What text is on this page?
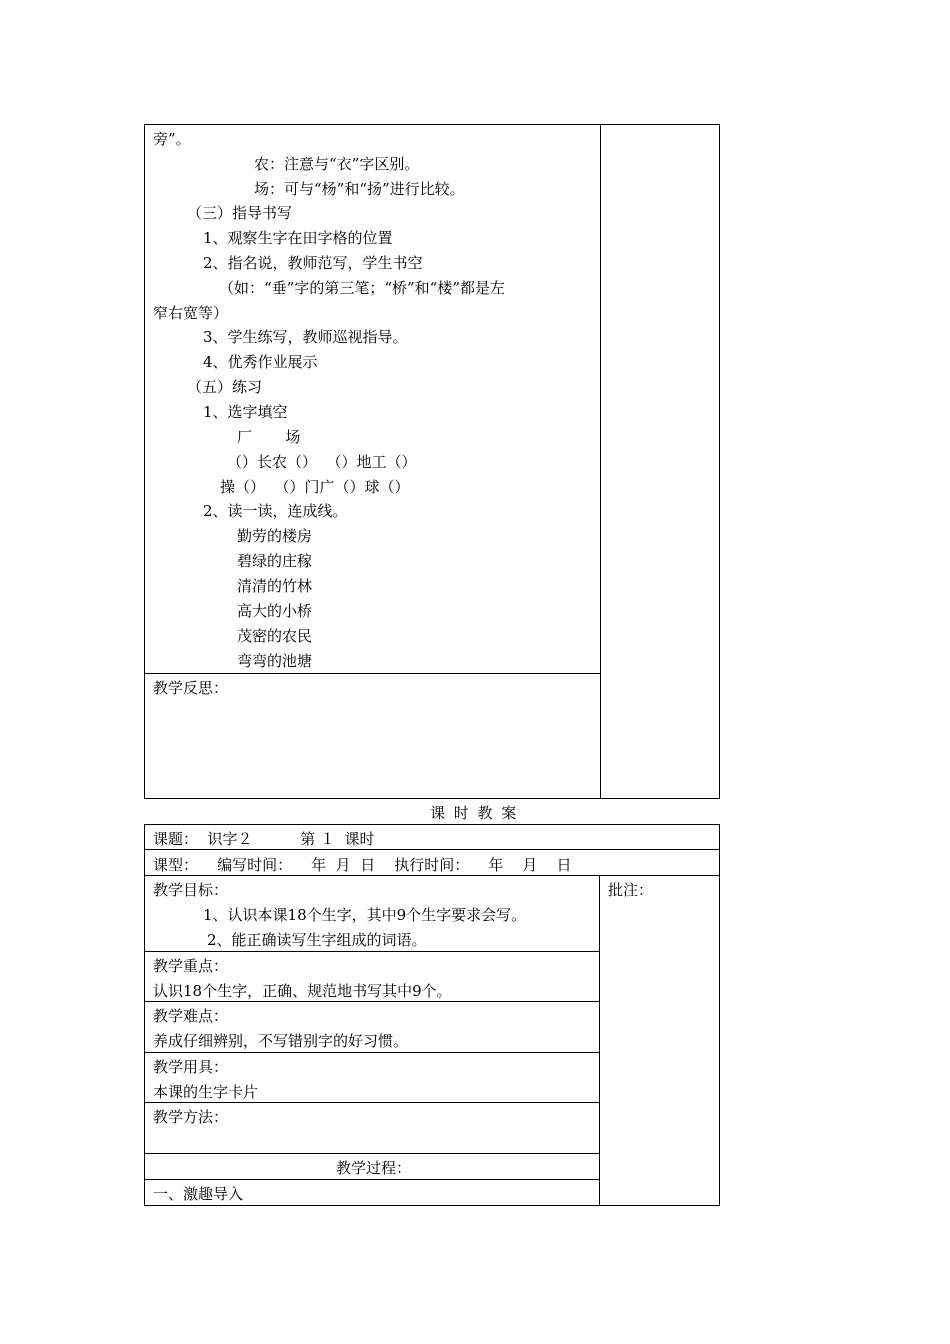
旁”。
农：注意与“衣”字区别。
场：可与“杨”和“扬”进行比较。
（三）指导书写
1、观察生字在田字格的位置
2、指名说，教师范写，学生书空
（如：“垂”字的第三笔；“桥”和“楼”都是左
窄右宽等）
3、学生练写，教师巡视指导。
4、优秀作业展示
（五）练习
1、选字填空
厂       场
（）长农（）  （）地工（）
操（）  （）门广（）球（）
2、读一读，连成线。
勤劳的楼房
碧绿的庄稼
清清的竹林
高大的小桥
茂密的农民
弯弯的池塘
教学反思：
课 时 教 案
课题：  识字２          第 １  课时
课型：    编写时间：    年  月  日    执行时间：    年    月    日
批注：
教学目标：
1、认识本课18个生字，其中9个生字要求会写。
2、能正确读写生字组成的词语。
教学重点：
认识18个生字，正确、规范地书写其中9个。
教学难点：
养成仔细辨别，不写错别字的好习惯。
教学用具：
本课的生字卡片
教学方法：
教学过程：
一、激趣导入
